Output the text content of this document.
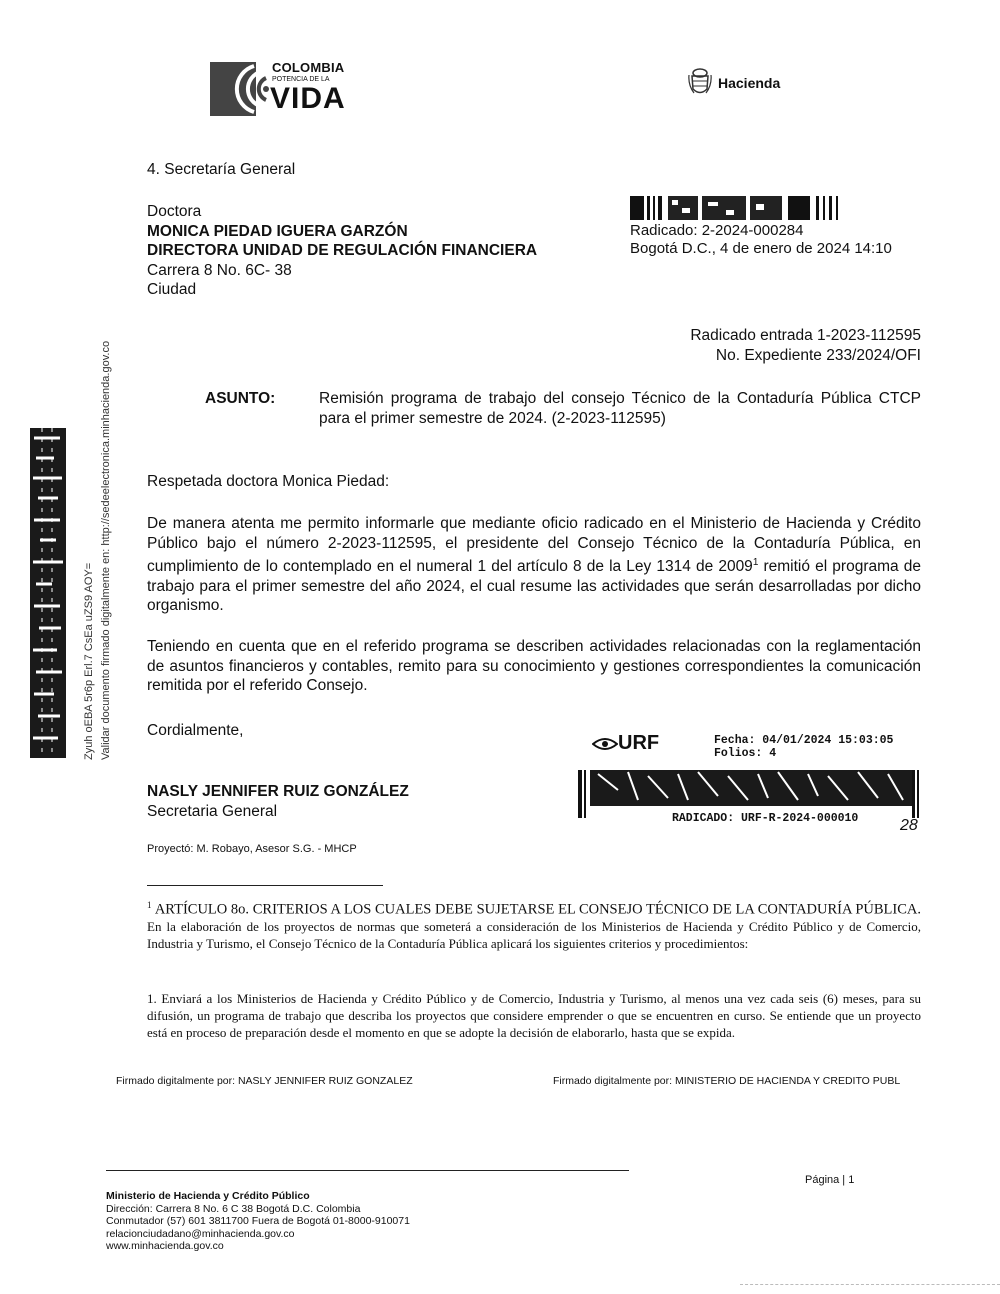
COLOMBIA
POTENCIA DE LA
VIDA	Hacienda
4. Secretaría General
Doctora
MONICA PIEDAD IGUERA GARZÓN
DIRECTORA UNIDAD DE REGULACIÓN FINANCIERA
Carrera 8 No. 6C- 38
Ciudad
Radicado: 2-2024-000284
Bogotá D.C., 4 de enero de 2024 14:10
Radicado entrada 1-2023-112595
No. Expediente 233/2024/OFI
ASUNTO:	Remisión programa de trabajo del consejo Técnico de la Contaduría Pública CTCP para el primer semestre de 2024. (2-2023-112595)
Respetada doctora Monica Piedad:
De manera atenta me permito informarle que mediante oficio radicado en el Ministerio de Hacienda y Crédito Público bajo el número 2-2023-112595, el presidente del Consejo Técnico de la Contaduría Pública, en cumplimiento de lo contemplado en el numeral 1 del artículo 8 de la Ley 1314 de 2009$^1$ remitió el programa de trabajo para el primer semestre del año 2024, el cual resume las actividades que serán desarrolladas por dicho organismo.
Teniendo en cuenta que en el referido programa se describen actividades relacionadas con la reglamentación de asuntos financieros y contables, remito para su conocimiento y gestiones correspondientes la comunicación remitida por el referido Consejo.
Cordialmente,
NASLY JENNIFER RUIZ GONZÁLEZ
Secretaria General
Proyectó: M. Robayo, Asesor S.G. - MHCP
URF	Fecha: 04/01/2024 15:03:05
Folios: 4
RADICADO: URF-R-2024-000010	28
$^1$ ARTÍCULO 8o. CRITERIOS A LOS CUALES DEBE SUJETARSE EL CONSEJO TÉCNICO DE LA CONTADURÍA PÚBLICA. En la elaboración de los proyectos de normas que someterá a consideración de los Ministerios de Hacienda y Crédito Público y de Comercio, Industria y Turismo, el Consejo Técnico de la Contaduría Pública aplicará los siguientes criterios y procedimientos:
1. Enviará a los Ministerios de Hacienda y Crédito Público y de Comercio, Industria y Turismo, al menos una vez cada seis (6) meses, para su difusión, un programa de trabajo que describa los proyectos que considere emprender o que se encuentren en curso. Se entiende que un proyecto está en proceso de preparación desde el momento en que se adopte la decisión de elaborarlo, hasta que se expida.
Firmado digitalmente por: NASLY JENNIFER RUIZ GONZALEZ	Firmado digitalmente por: MINISTERIO DE HACIENDA Y CREDITO PUBL
Zyuh oEBA 5r6p Erl.7 CsEa uZS9 AOY= Validar documento firmado digitalmente en: http://sedeelectronica.minhacienda.gov.co
Ministerio de Hacienda y Crédito Público
Dirección: Carrera 8 No. 6 C 38 Bogotá D.C. Colombia
Conmutador (57) 601 3811700 Fuera de Bogotá 01-8000-910071
relacionciudadano@minhacienda.gov.co
www.minhacienda.gov.co
Página | 1
